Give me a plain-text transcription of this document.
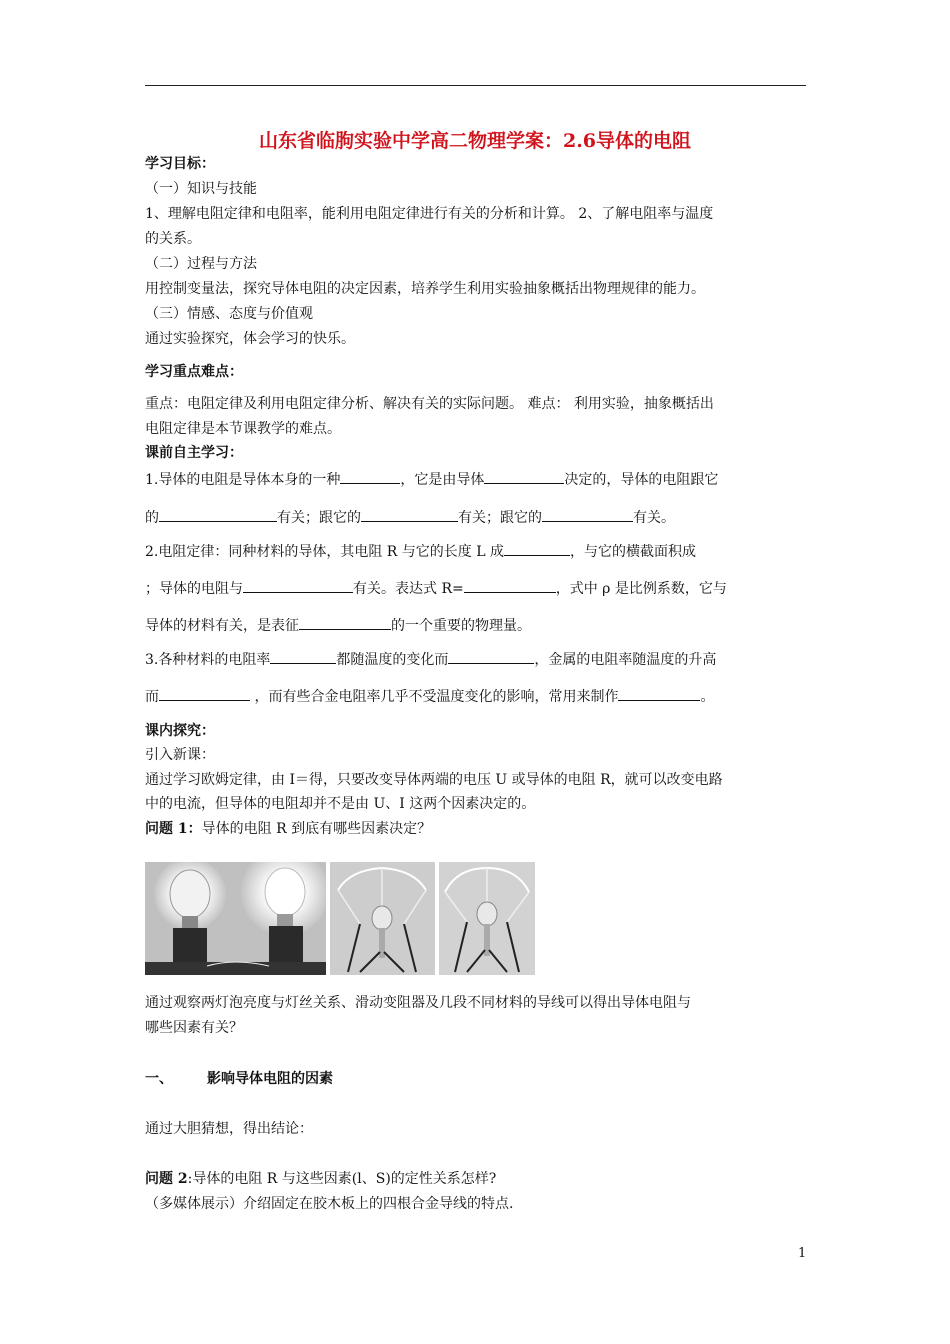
山东省临朐实验中学高二物理学案：2.6导体的电阻
学习目标：
（一）知识与技能
1、理解电阻定律和电阻率，能利用电阻定律进行有关的分析和计算。 2、了解电阻率与温度
的关系。
（二）过程与方法
用控制变量法，探究导体电阻的决定因素，培养学生利用实验抽象概括出物理规律的能力。
（三）情感、态度与价值观
通过实验探究，体会学习的快乐。
学习重点难点：
重点：电阻定律及利用电阻定律分析、解决有关的实际问题。 难点： 利用实验，抽象概括出
电阻定律是本节课教学的难点。
课前自主学习：
1.导体的电阻是导体本身的一种	，它是由导体	决定的，导体的电阻跟它
的	有关；跟它的	有关；跟它的	有关。
2.电阻定律：同种材料的导体，其电阻 R 与它的长度 L 成	，与它的横截面积成
；导体的电阻与	有关。表达式 R=	，式中 ρ 是比例系数，它与
导体的材料有关，是表征	的一个重要的物理量。
3.各种材料的电阻率	都随温度的变化而	，金属的电阻率随温度的升高
而	，而有些合金电阻率几乎不受温度变化的影响，常用来制作	。
课内探究：
引入新课：
通过学习欧姆定律，由 I＝得，只要改变导体两端的电压 U 或导体的电阻 R，就可以改变电路
中的电流，但导体的电阻却并不是由 U、I 这两个因素决定的。
问题 1：导体的电阻 R 到底有哪些因素决定？
通过观察两灯泡亮度与灯丝关系、滑动变阻器及几段不同材料的导线可以得出导体电阻与
哪些因素有关？
一、 影响导体电阻的因素
通过大胆猜想，得出结论：
问题 2:导体的电阻 R 与这些因素(l、S)的定性关系怎样?
（多媒体展示）介绍固定在胶木板上的四根合金导线的特点.
1
